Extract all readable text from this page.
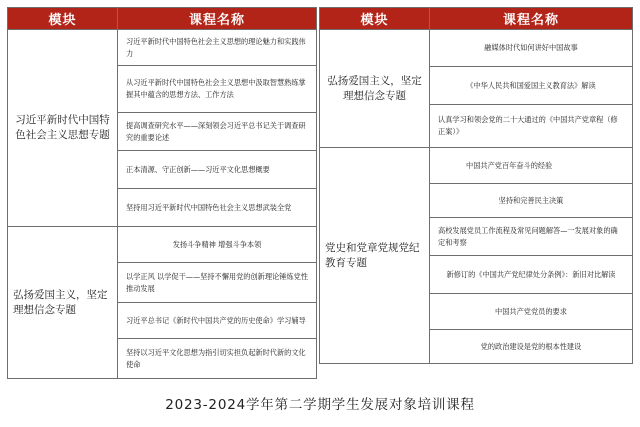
模块	课程名称
习近平新时代中国特色社会主义思想专题	习近平新时代中国特色社会主义思想的理论魅力和实践伟力
	从习近平新时代中国特色社会主义思想中汲取智慧熟练掌握其中蕴含的思想方法、工作方法
	提高调查研究水平——深刻领会习近平总书记关于调查研究的重要论述
	正本清源、守正创新——习近平文化思想概要
	坚持用习近平新时代中国特色社会主义思想武装全党
弘扬爱国主义，坚定理想信念专题	发扬斗争精神 增强斗争本领
	以学正风 以学促干——坚持不懈用党的创新理论锤炼党性推动发展
	习近平总书记《新时代中国共产党的历史使命》学习辅导
	坚持以习近平文化思想为指引切实担负起新时代新的文化使命
模块	课程名称
弘扬爱国主义，坚定理想信念专题	融媒体时代如何讲好中国故事
	《中华人民共和国爱国主义教育法》解读
	认真学习和领会党的二十大通过的《中国共产党章程（修正案）》
党史和党章党规党纪教育专题	中国共产党百年奋斗的经验
	坚持和完善民主决策
	高校发展党员工作流程及常见问题解答—一发展对象的确定和考察
	新修订的《中国共产党纪律处分条例》：新旧对比解读
	中国共产党党员的要求
	党的政治建设是党的根本性建设
2023-2024学年第二学期学生发展对象培训课程
